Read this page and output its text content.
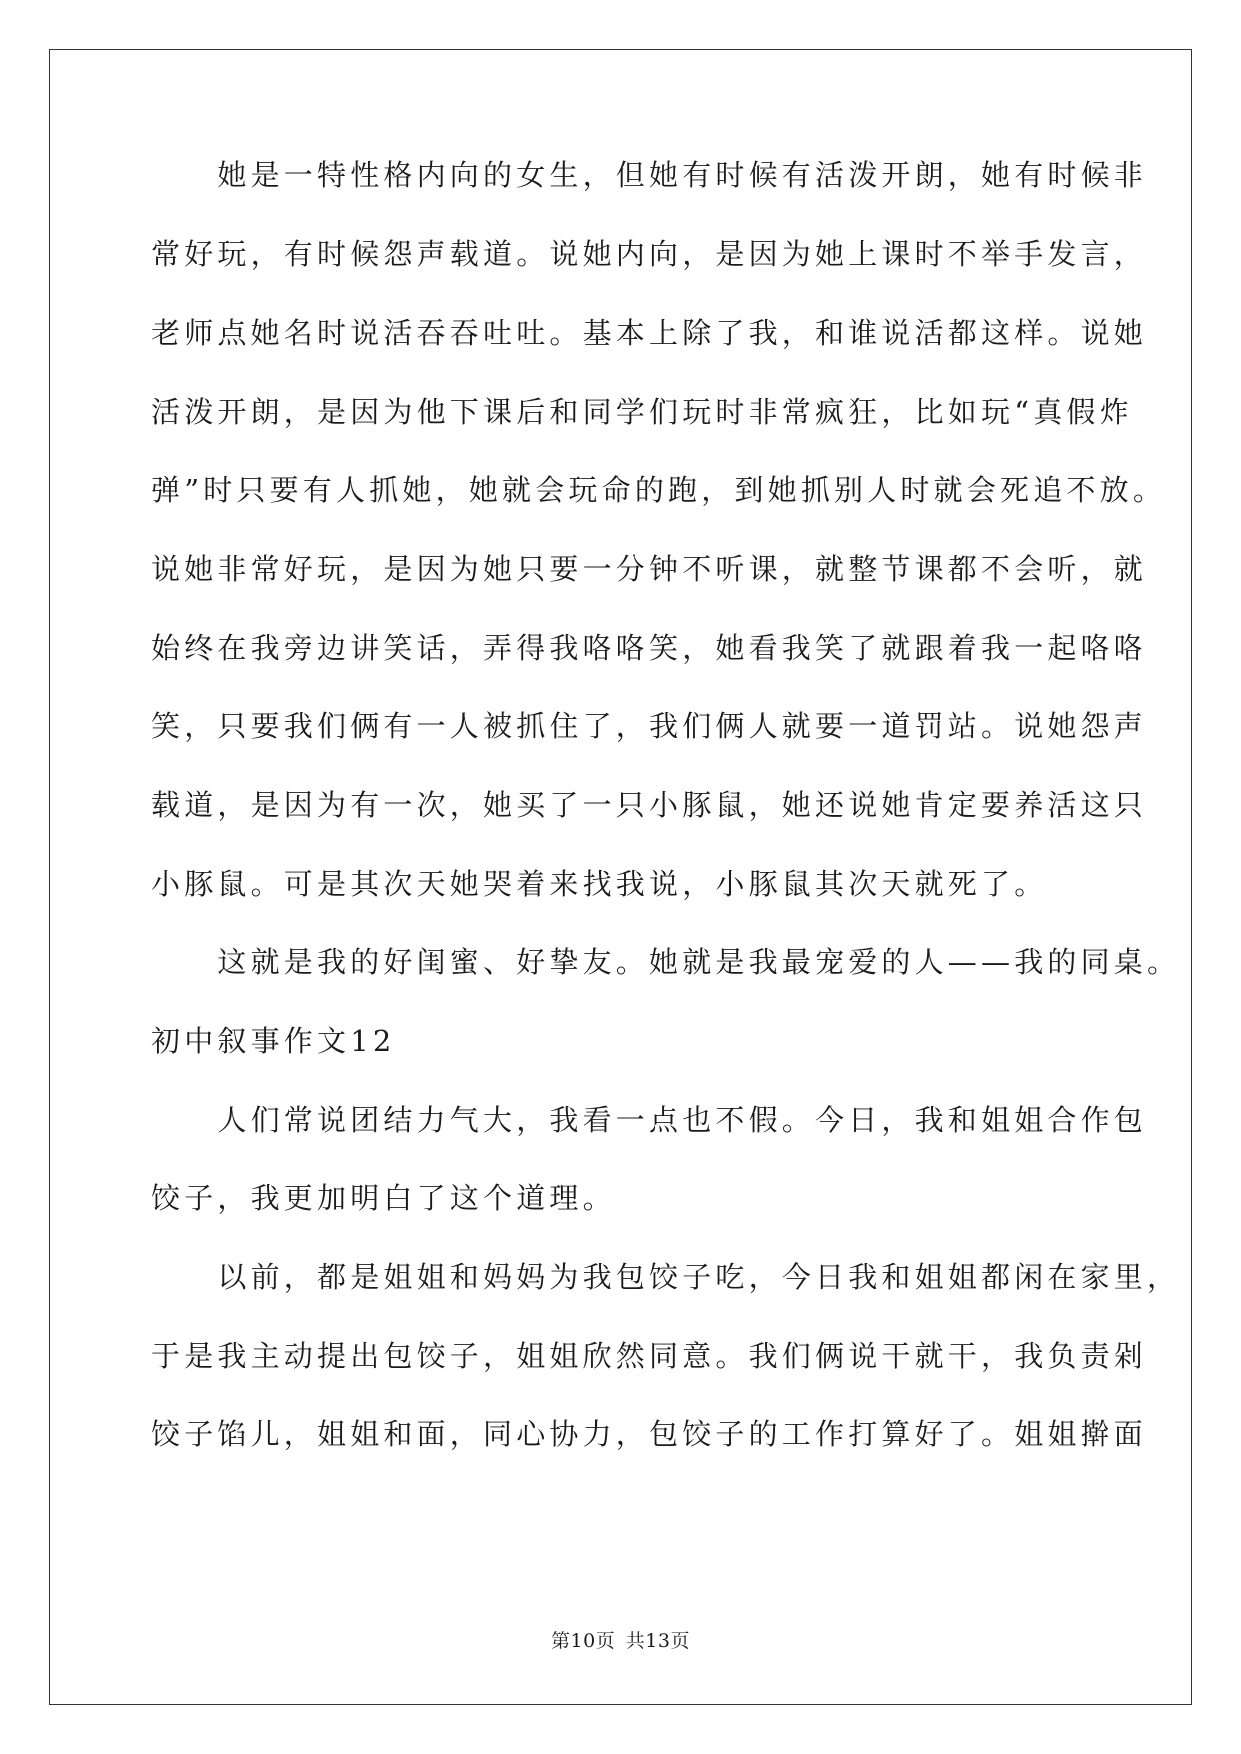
　　她是一特性格内向的女生，但她有时候有活泼开朗，她有时候非
常好玩，有时候怨声载道。说她内向，是因为她上课时不举手发言，
老师点她名时说活吞吞吐吐。基本上除了我，和谁说活都这样。说她
活泼开朗，是因为他下课后和同学们玩时非常疯狂，比如玩“真假炸
弹”时只要有人抓她，她就会玩命的跑，到她抓别人时就会死追不放。
说她非常好玩，是因为她只要一分钟不听课，就整节课都不会听，就
始终在我旁边讲笑话，弄得我咯咯笑，她看我笑了就跟着我一起咯咯
笑，只要我们俩有一人被抓住了，我们俩人就要一道罚站。说她怨声
载道，是因为有一次，她买了一只小豚鼠，她还说她肯定要养活这只
小豚鼠。可是其次天她哭着来找我说，小豚鼠其次天就死了。
　　这就是我的好闺蜜、好挚友。她就是我最宠爱的人——我的同桌。
初中叙事作文12
　　人们常说团结力气大，我看一点也不假。今日，我和姐姐合作包
饺子，我更加明白了这个道理。
　　以前，都是姐姐和妈妈为我包饺子吃，今日我和姐姐都闲在家里，
于是我主动提出包饺子，姐姐欣然同意。我们俩说干就干，我负责剁
饺子馅儿，姐姐和面，同心协力，包饺子的工作打算好了。姐姐擀面
第10页 共13页
